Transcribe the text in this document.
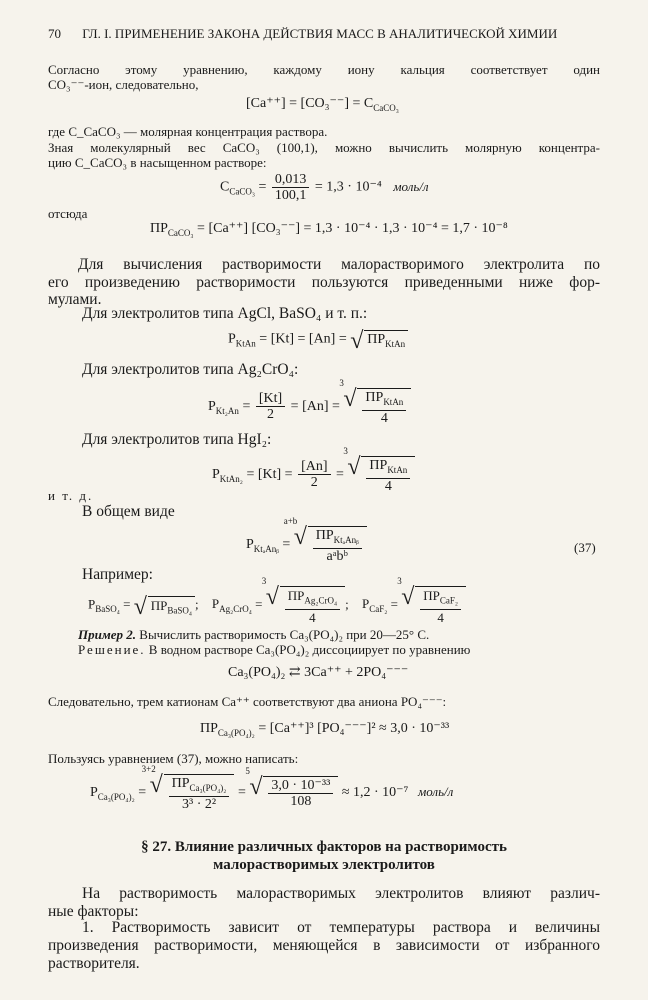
70 ГЛ. I. ПРИМЕНЕНИЕ ЗАКОНА ДЕЙСТВИЯ МАСС В АНАЛИТИЧЕСКОЙ ХИМИИ
Согласно этому уравнению, каждому иону кальция соответствует один
CO₃⁻⁻-ион, следовательно,
$[Ca^{++}] = [CO_3^{--}] = C_{CaCO_3}$
где C_CaCO₃ — молярная концентрация раствора.
Зная молекулярный вес CaCO₃ (100,1), можно вычислить молярную концентра-
цию C_CaCO₃ в насыщенном растворе:
$C_{CaCO_3} = \frac{0,013}{100,1} = 1,3 \cdot 10^{-4}$ моль/л
отсюда
$ПР_{CaCO_3} = [Ca^{++}] [CO_3^{--}] = 1,3 \cdot 10^{-4} \cdot 1,3 \cdot 10^{-4} = 1,7 \cdot 10^{-8}$
Для вычисления растворимости малорастворимого электролита по
его произведению растворимости пользуются приведенными ниже фор-
мулами.
Для электролитов типа AgCl, BaSO₄ и т. п.:
$P_{KtAn} = [Kt] = [An]$ = √ $ПР_{KtAn}$
Для электролитов типа Ag₂CrO₄:
$P_{Kt_2An} = \frac{[Kt]}{2} = [An]$ =
3
√ $\frac{ПР_{KtAn}}{4}$
Для электролитов типа HgI₂:
$P_{KtAn_2} = [Kt] = \frac{[An]}{2}$ =
3
√ $\frac{ПР_{KtAn}}{4}$
и т. д.
В общем виде
$P_{Kt_aAnᵦ}$ =
a+b
√ $\frac{ПР_{Kt_aAnᵦ}}{\text{aᵃbᵇ}}$	(37)
Например:
$P_{BaSO_4}$ = √ $ПР_{BaSO_4}$ ; $P_{Ag_2CrO_4}$ =
3
√ $\frac{ПР_{Ag_2CrO_4}}{4}$ ; $P_{CaF_2}$ =
3
√ $\frac{ПР_{CaF_2}}{4}$
Пример 2. Вычислить растворимость Ca₃(PO₄)₂ при 20—25° С.
Решение. В водном растворе Ca₃(PO₄)₂ диссоциирует по уравнению
Ca₃(PO₄)₂ ⇄ 3Ca⁺⁺ + 2PO₄⁻⁻⁻
Следовательно, трем катионам Ca⁺⁺ соответствуют два аниона PO₄⁻⁻⁻:
$ПР_{Ca_3(PO_4)_2} = [Ca^{++}]^3$ [PO₄⁻⁻⁻]² ≈ 3,0 · 10⁻³³
Пользуясь уравнением (37), можно написать:
$P_{Ca_3(PO_4)_2}$ =
3+2
√ $\frac{ПР_{Ca_3(PO_4)_2}}{\text{3³ · 2²}}$ =
5
√ $\frac{\text{3,0 · 10⁻³³}}{108} \approx 1,2 \cdot 10^{-7}$ моль/л
§ 27. Влияние различных факторов на растворимость
малорастворимых электролитов
На растворимость малорастворимых электролитов влияют различ-
ные факторы:
1. Растворимость зависит от температуры раствора и величины
произведения растворимости, меняющейся в зависимости от избранного
растворителя.
